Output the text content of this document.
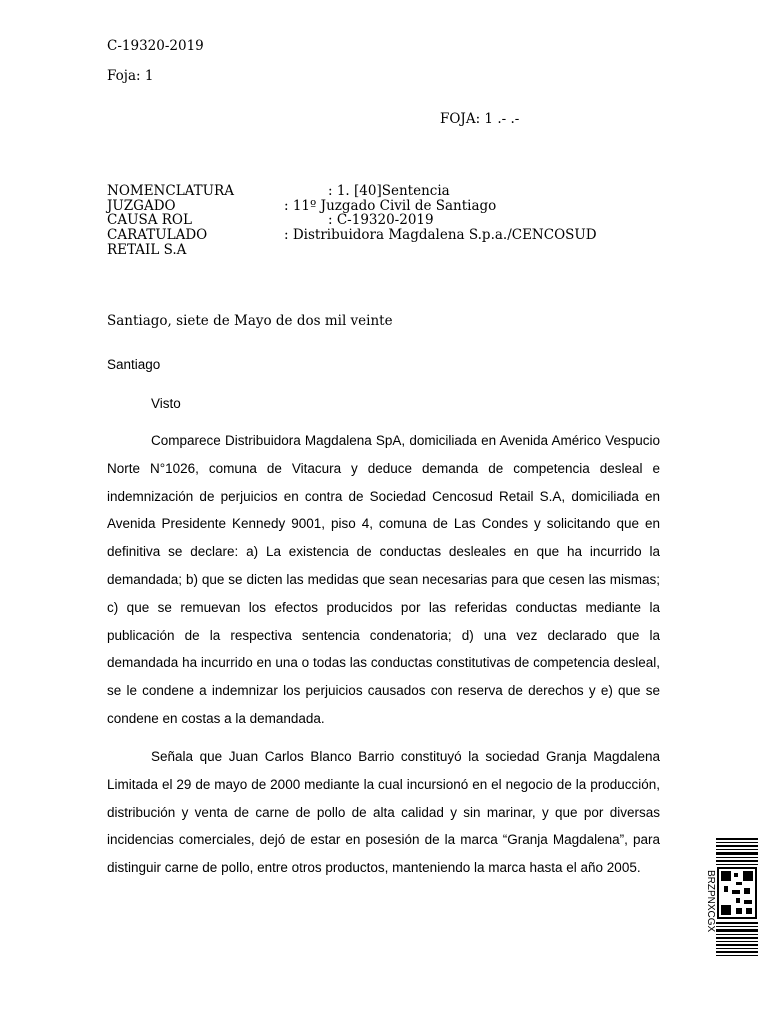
C-19320-2019
Foja: 1
FOJA: 1 .- .-
NOMENCLATURA	: 1. [40]Sentencia
JUZGADO	: 11º Juzgado Civil de Santiago
CAUSA ROL	: C-19320-2019
CARATULADO	: Distribuidora Magdalena S.p.a./CENCOSUD
RETAIL S.A
Santiago, siete de Mayo de dos mil veinte
Santiago
Visto

Comparece Distribuidora Magdalena SpA, domiciliada en Avenida Américo Vespucio Norte N°1026, comuna de Vitacura y deduce demanda de competencia desleal e indemnización de perjuicios en contra de Sociedad Cencosud Retail S.A, domiciliada en Avenida Presidente Kennedy 9001, piso 4, comuna de Las Condes y solicitando que en definitiva se declare: a) La existencia de conductas desleales en que ha incurrido la demandada; b) que se dicten las medidas que sean necesarias para que cesen las mismas; c) que se remuevan los efectos producidos por las referidas conductas mediante la publicación de la respectiva sentencia condenatoria; d) una vez declarado que la demandada ha incurrido en una o todas las conductas constitutivas de competencia desleal, se le condene a indemnizar los perjuicios causados con reserva de derechos y e) que se condene en costas a la demandada.

Señala que Juan Carlos Blanco Barrio constituyó la sociedad Granja Magdalena Limitada el 29 de mayo de 2000 mediante la cual incursionó en el negocio de la producción, distribución y venta de carne de pollo de alta calidad y sin marinar, y que por diversas incidencias comerciales, dejó de estar en posesión de la marca “Granja Magdalena”, para distinguir carne de pollo, entre otros productos, manteniendo la marca hasta el año 2005.

BRZPNXCGX
